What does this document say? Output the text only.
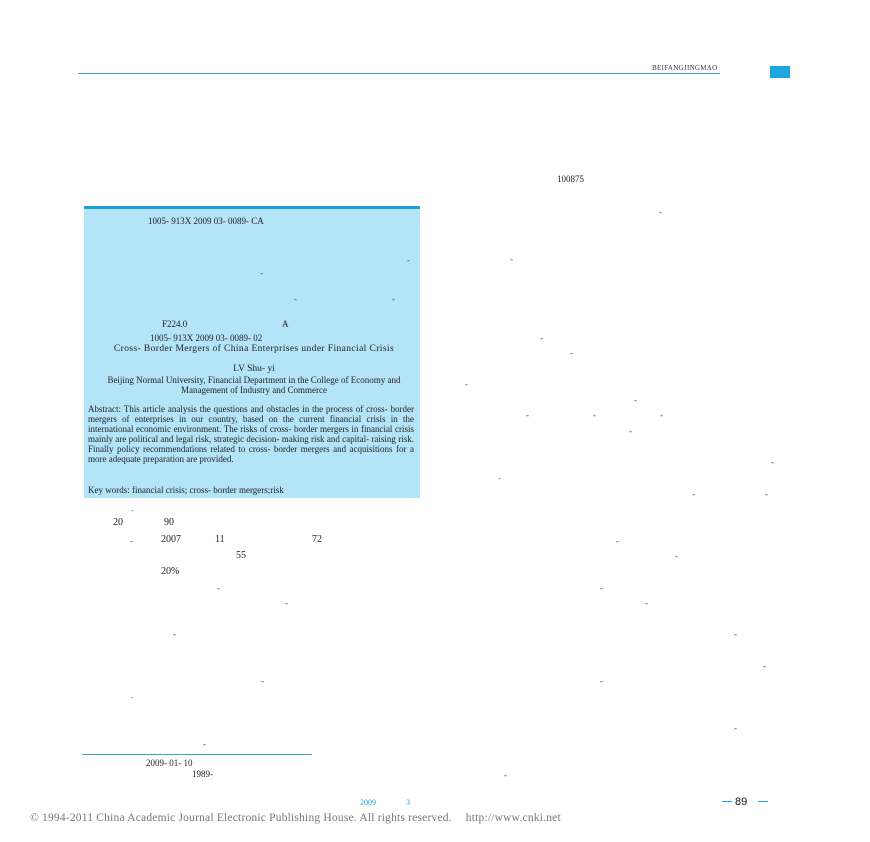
BEIFANGJINGMAO
100875
1005- 913X 2009 03- 0089- CA
-
-
-	-
F224.0	A
1005- 913X 2009 03- 0089- 02
Cross- Border Mergers of China Enterprises under Financial Crisis
LV Shu- yi
Beijing Normal University, Financial Department in the College of Economy and Management of Industry and Commerce
Abstract: This article analysis the questions and obstacles in the process of cross- border mergers of enterprises in our country, based on the current financial crisis in the international economic environment. The risks of cross- border mergers in financial crisis mainly are political and legal risk, strategic decision- making risk and capital- raising risk. Finally policy recommendations related to cross- border mergers and acquisitions for a more adequate preparation are provided.
Key words: financial crisis; cross- border mergers;risk
-
20	90
-	2007	11	72
55
20%
-
-
-
-
-
-
-
-
-
-
-
-
-	-	-
-
-
-
-	-
-
-
-
-
-
-
-
-
-
2009- 01- 10
1989-
2009	3	89
© 1994-2011 China Academic Journal Electronic Publishing House. All rights reserved. http://www.cnki.net
